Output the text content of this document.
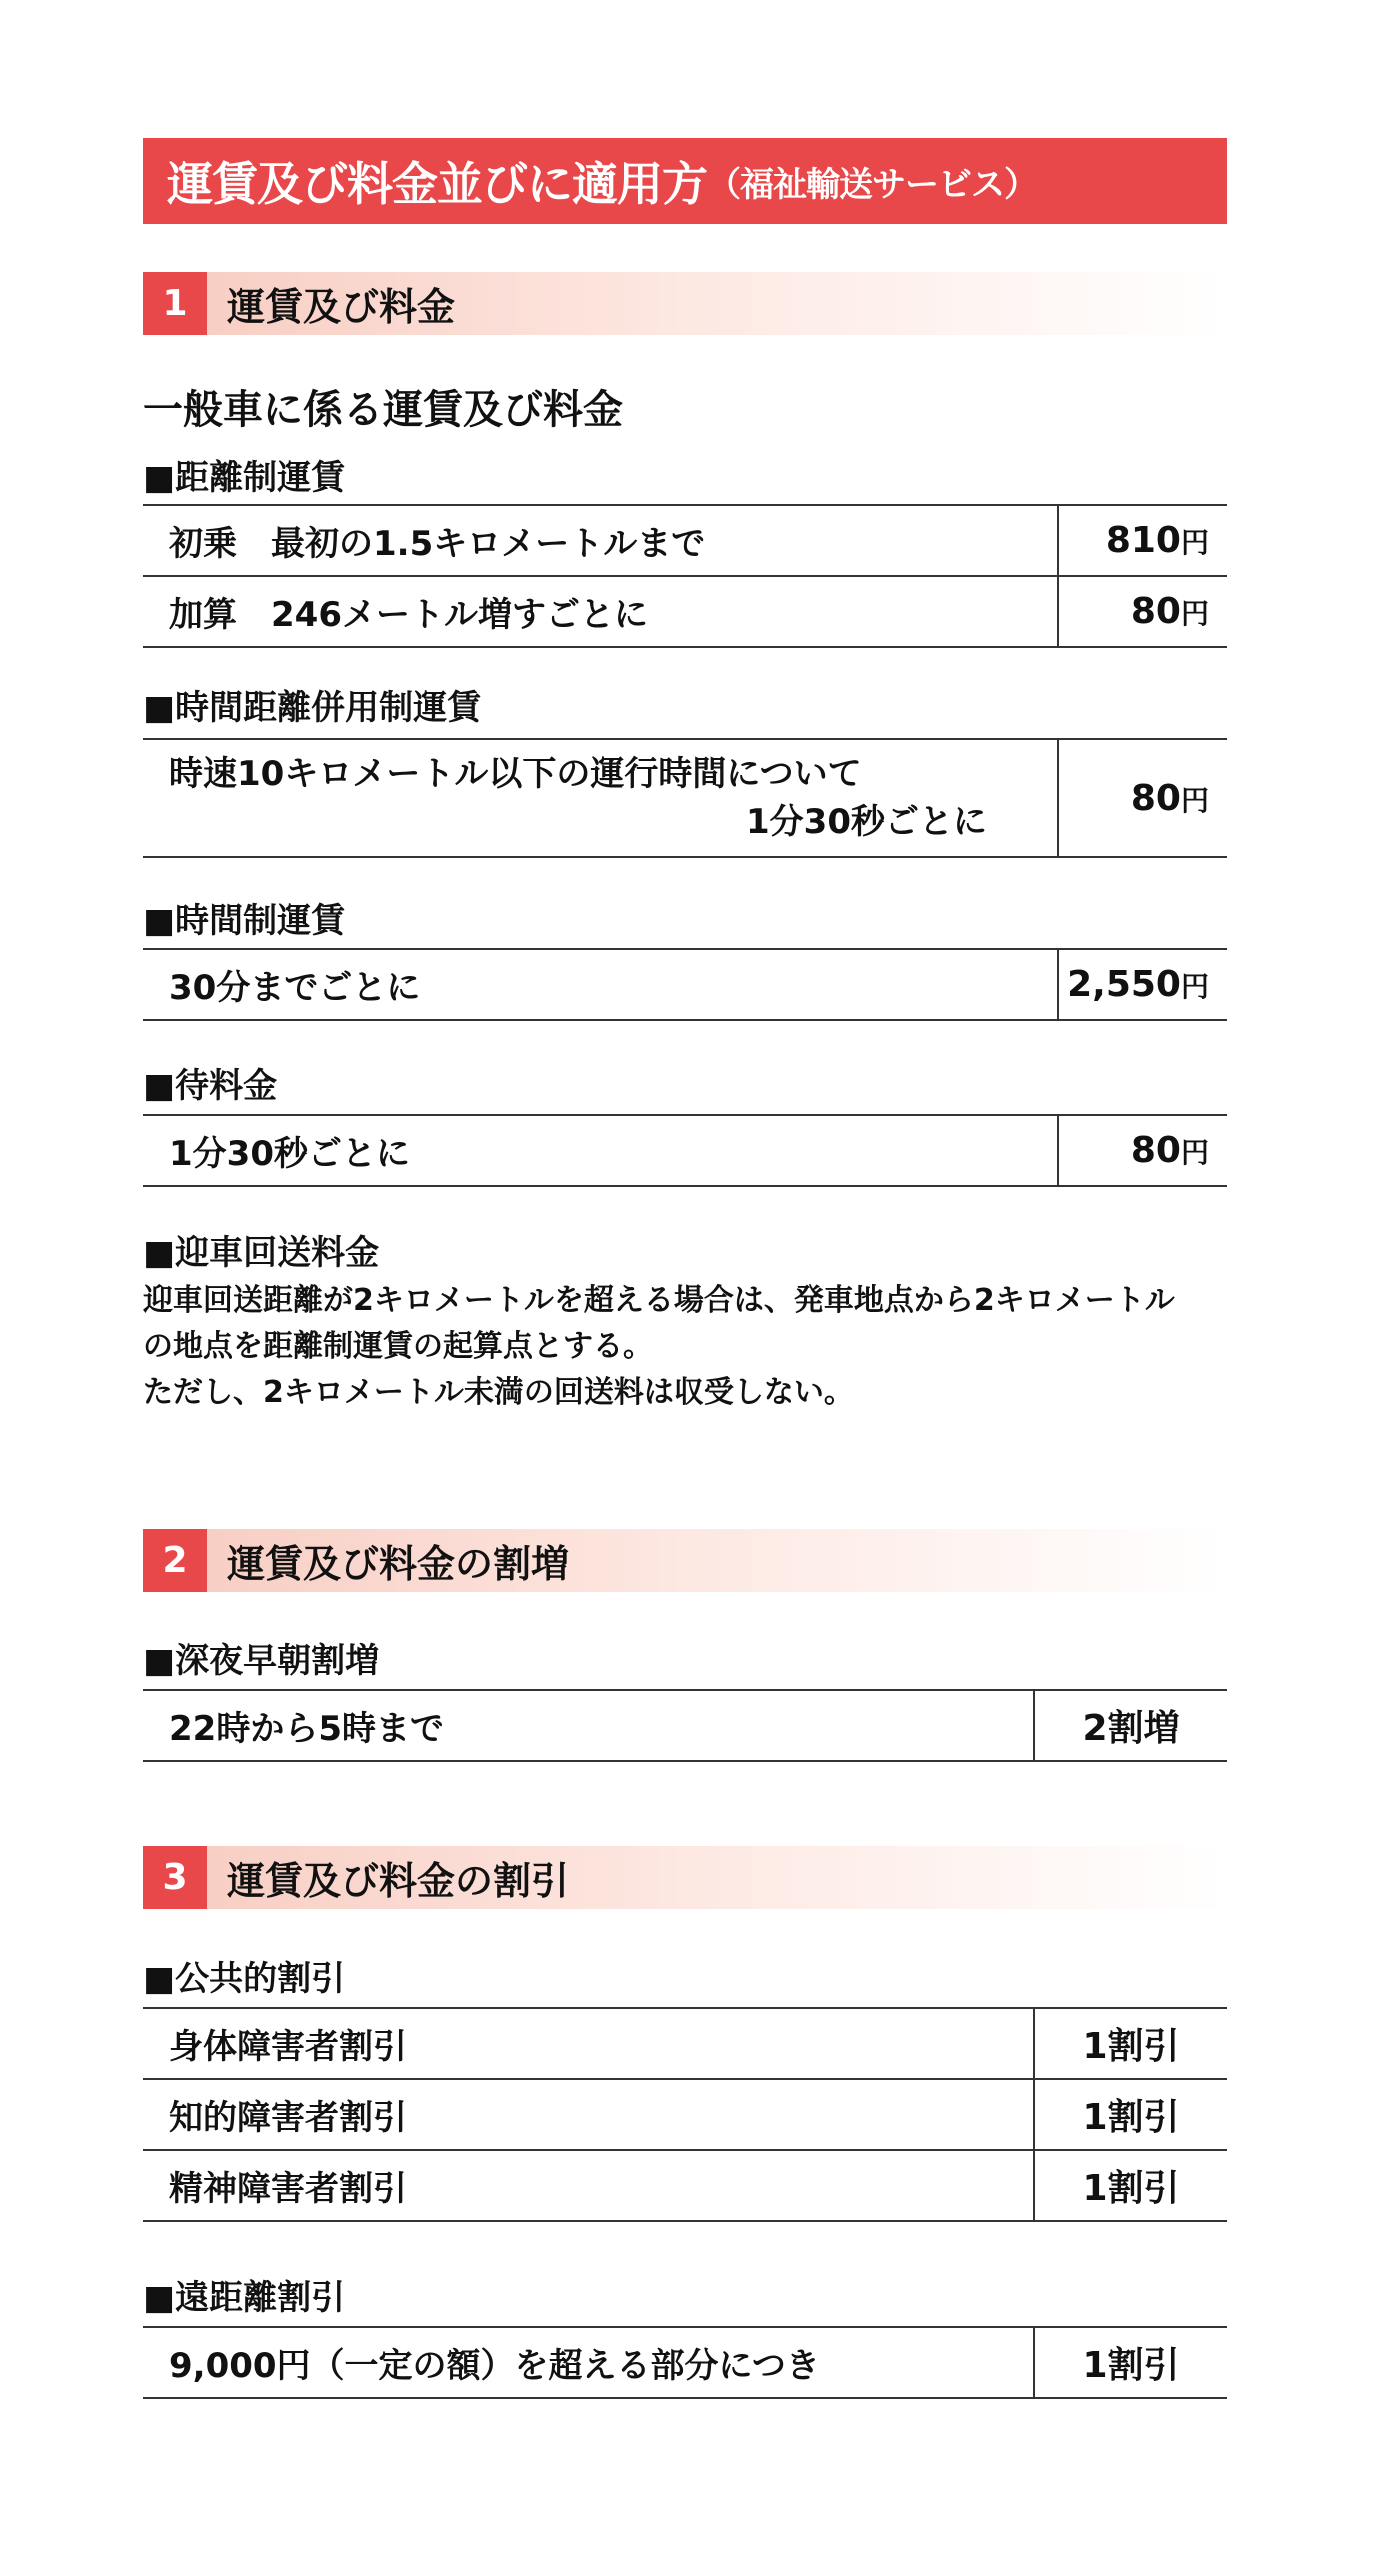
運賃及び料金並びに適用方 （福祉輸送サービス）
1	運賃及び料金
一般車に係る運賃及び料金
■距離制運賃
初乗　最初の1.5キロメートルまで	810円
加算　246メートル増すごとに	80円
■時間距離併用制運賃
時速10キロメートル以下の運行時間について
1分30秒ごとに
	80円
■時間制運賃
30分までごとに	2,550円
■待料金
1分30秒ごとに	80円
■迎車回送料金
迎車回送距離が2キロメートルを超える場合は、発車地点から2キロメートル
の地点を距離制運賃の起算点とする。
ただし、2キロメートル未満の回送料は収受しない。
2	運賃及び料金の割増
■深夜早朝割増
22時から5時まで	2割増
3	運賃及び料金の割引
■公共的割引
身体障害者割引	1割引
知的障害者割引	1割引
精神障害者割引	1割引
■遠距離割引
9,000円（一定の額）を超える部分につき	1割引
